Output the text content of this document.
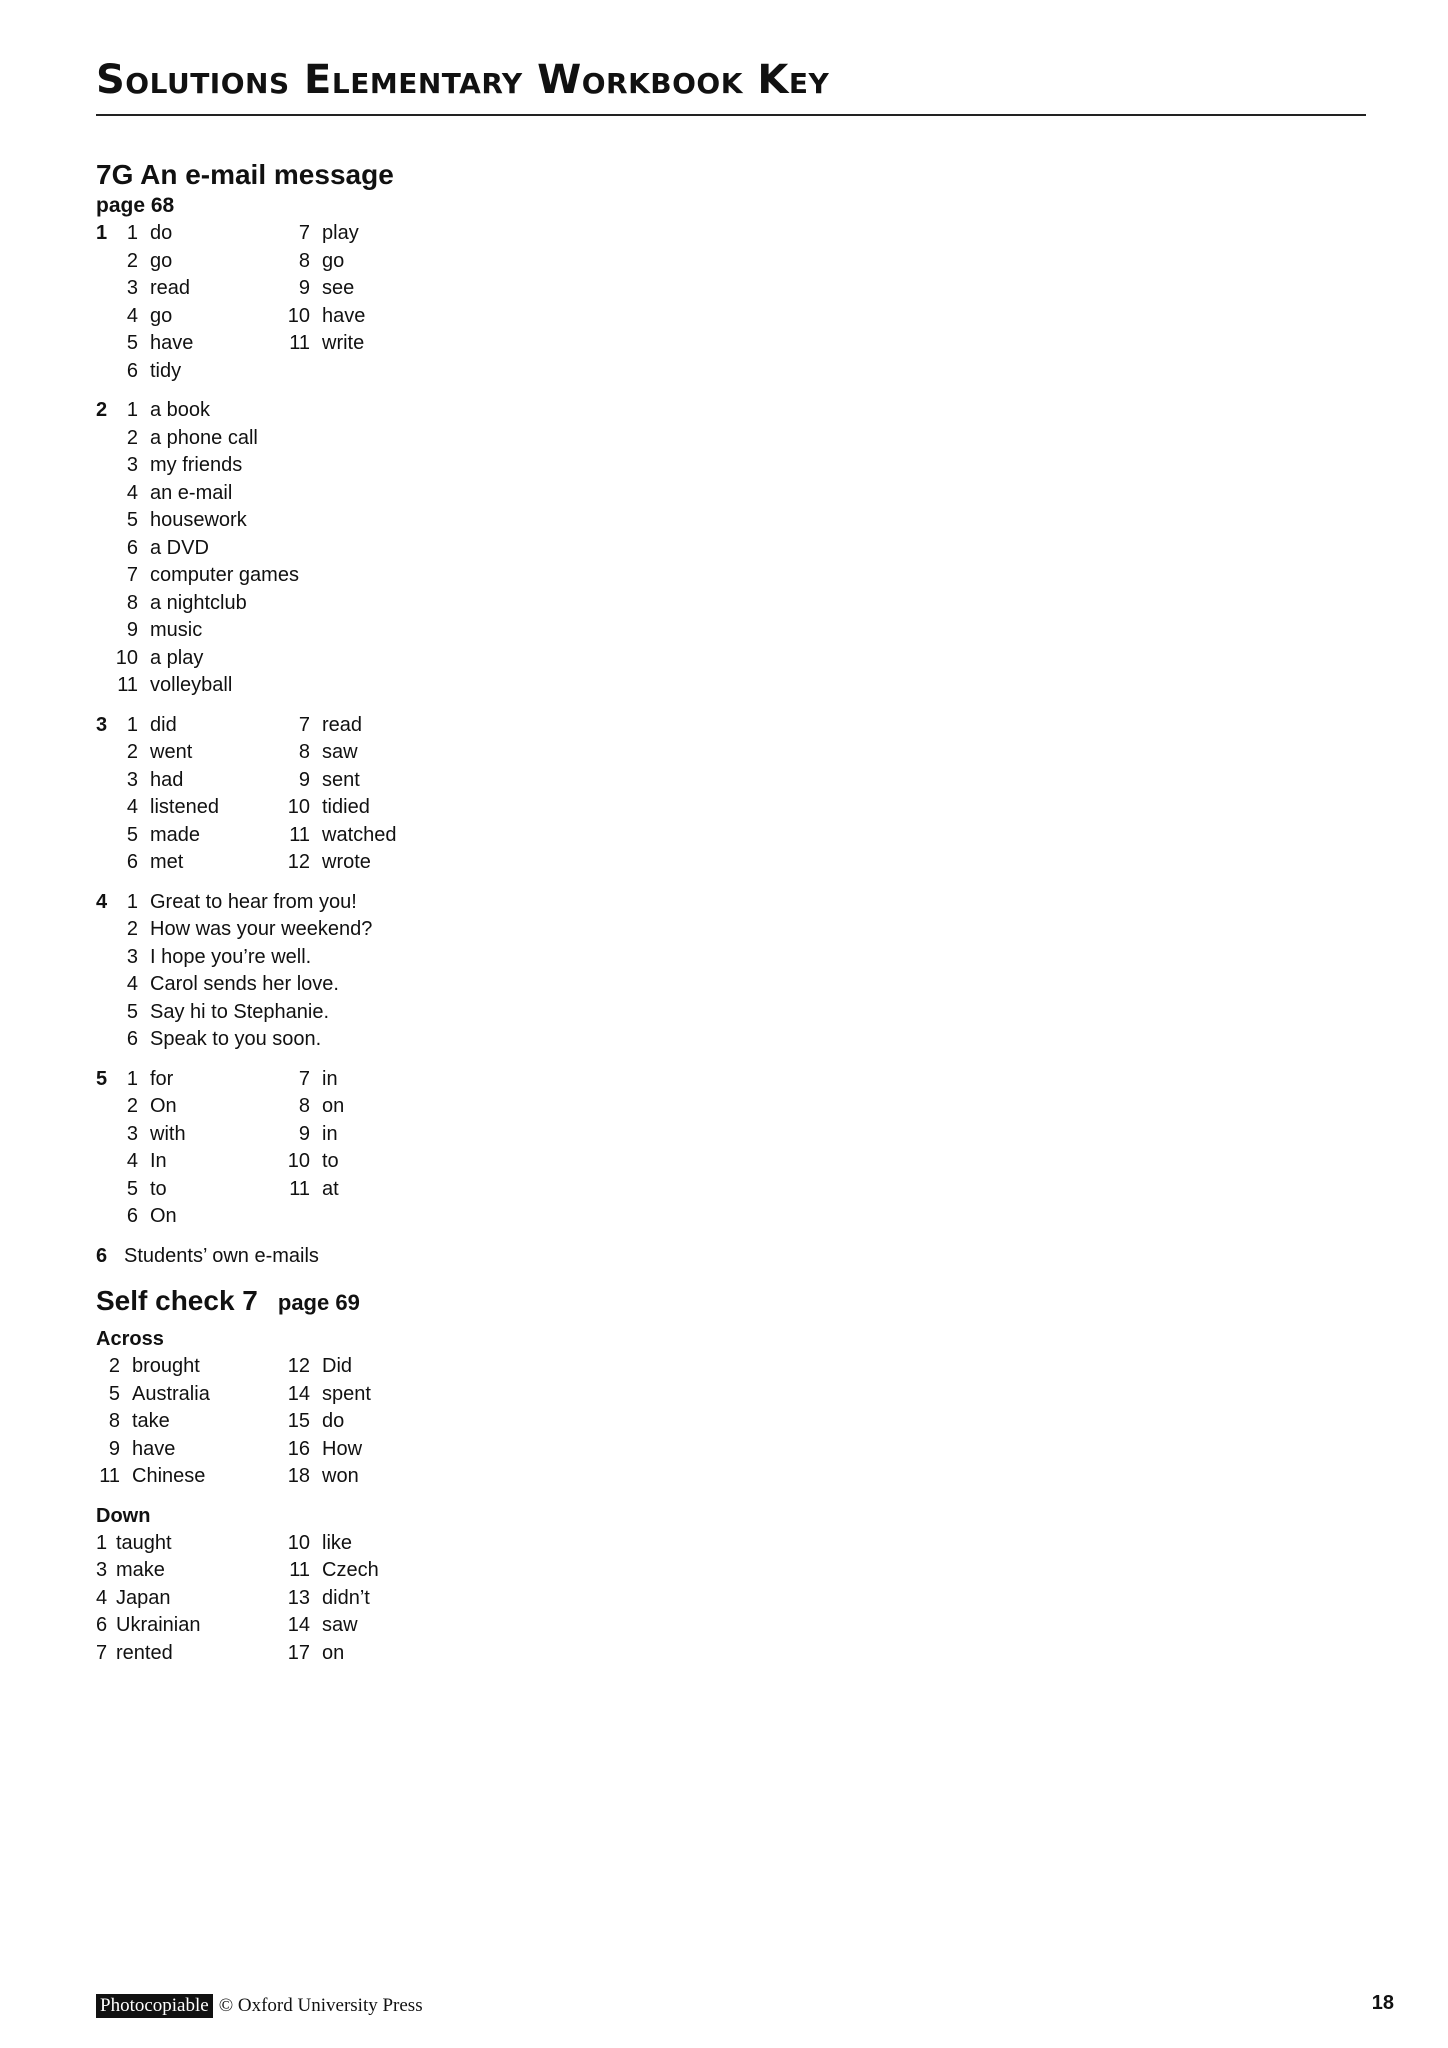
Solutions Elementary Workbook Key
7G An e-mail message
page 68
1 1 do
2 go
3 read
4 go
5 have
6 tidy
7 play
8 go
9 see
10 have
11 write
2 1 a book
2 a phone call
3 my friends
4 an e-mail
5 housework
6 a DVD
7 computer games
8 a nightclub
9 music
10 a play
11 volleyball
3 1 did
2 went
3 had
4 listened
5 made
6 met
7 read
8 saw
9 sent
10 tidied
11 watched
12 wrote
4 1 Great to hear from you!
2 How was your weekend?
3 I hope you’re well.
4 Carol sends her love.
5 Say hi to Stephanie.
6 Speak to you soon.
5 1 for
2 On
3 with
4 In
5 to
6 On
7 in
8 on
9 in
10 to
11 at
6 Students’ own e-mails
Self check 7 page 69
Across
2 brought
5 Australia
8 take
9 have
11 Chinese
12 Did
14 spent
15 do
16 How
18 won
Down
1 taught
3 make
4 Japan
6 Ukrainian
7 rented
10 like
11 Czech
13 didn’t
14 saw
17 on
Photocopiable © Oxford University Press	18
